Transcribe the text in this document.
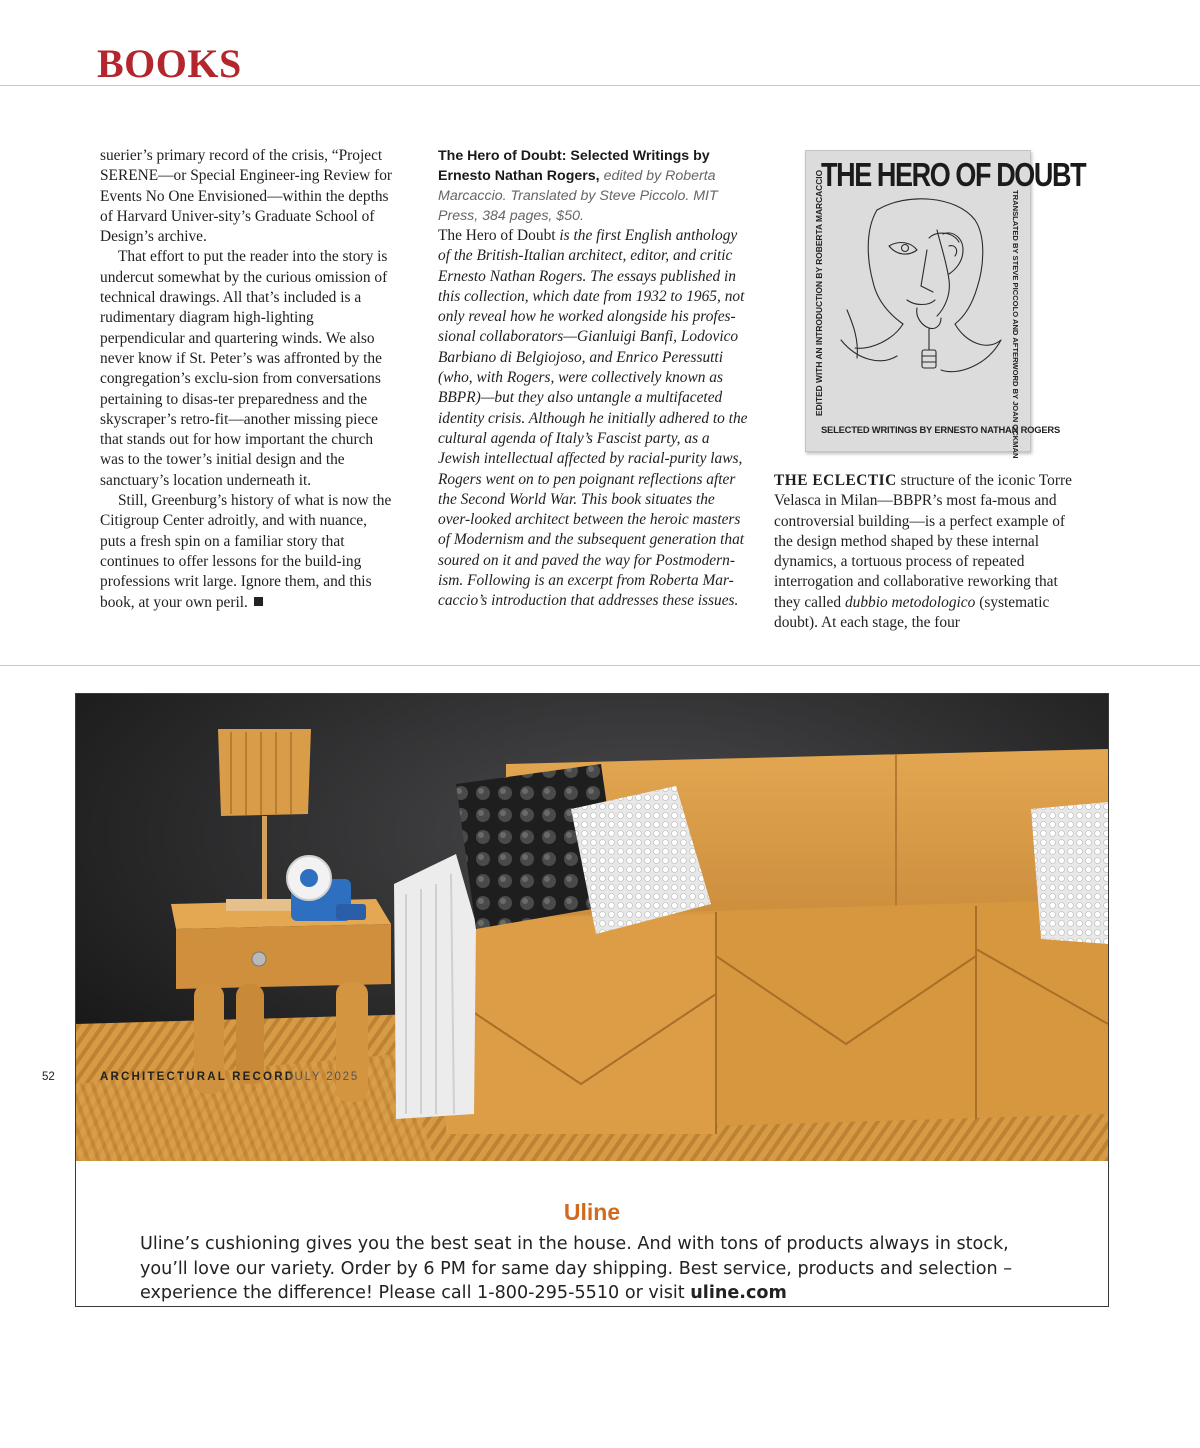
BOOKS

suerier’s primary record of the crisis, “Project SERENE—or Special Engineer-ing Review for Events No One Envisioned—within the depths of Harvard Univer-sity’s Graduate School of Design’s archive.

That effort to put the reader into the story is undercut somewhat by the curious omission of technical drawings. All that’s included is a rudimentary diagram high-lighting perpendicular and quartering winds. We also never know if St. Peter’s was affronted by the congregation’s exclu-sion from conversations pertaining to disas-ter preparedness and the skyscraper’s retro-fit—another missing piece that stands out for how important the church was to the tower’s initial design and the sanctuary’s location underneath it.

Still, Greenburg’s history of what is now the Citigroup Center adroitly, and with nuance, puts a fresh spin on a familiar story that continues to offer lessons for the build-ing professions writ large. Ignore them, and this book, at your own peril.

The Hero of Doubt: Selected Writings by Ernesto Nathan Rogers, edited by Roberta Marcaccio. Translated by Steve Piccolo. MIT Press, 384 pages, $50.

The Hero of Doubt is the first English anthology of the British-Italian architect, editor, and critic Ernesto Nathan Rogers. The essays published in this collection, which date from 1932 to 1965, not only reveal how he worked alongside his profes-sional collaborators—Gianluigi Banfi, Lodovico Barbiano di Belgiojoso, and Enrico Peressutti (who, with Rogers, were collectively known as BBPR)—but they also untangle a multifaceted identity crisis. Although he initially adhered to the cultural agenda of Italy’s Fascist party, as a Jewish intellectual affected by racial-purity laws, Rogers went on to pen poignant reflections after the Second World War. This book situates the over-looked architect between the heroic masters of Modernism and the subsequent generation that soured on it and paved the way for Postmodern-ism. Following is an excerpt from Roberta Mar-caccio’s introduction that addresses these issues.

THE HERO OF DOUBT
EDITED WITH AN INTRODUCTION BY ROBERTA MARCACCIO	TRANSLATED BY STEVE PICCOLO AND AFTERWORD BY JOAN OCKMAN
SELECTED WRITINGS BY ERNESTO NATHAN ROGERS

THE ECLECTIC structure of the iconic Torre Velasca in Milan—BBPR’s most fa-mous and controversial building—is a perfect example of the design method shaped by these internal dynamics, a tortuous process of repeated interrogation and collaborative reworking that they called dubbio metodologico (systematic doubt). At each stage, the four

Uline

Uline’s cushioning gives you the best seat in the house. And with tons of products always in stock, you’ll love our variety. Order by 6 PM for same day shipping. Best service, products and selection – experience the difference! Please call 1-800-295-5510 or visit uline.com

52	ARCHITECTURAL RECORD
JULY 2025
